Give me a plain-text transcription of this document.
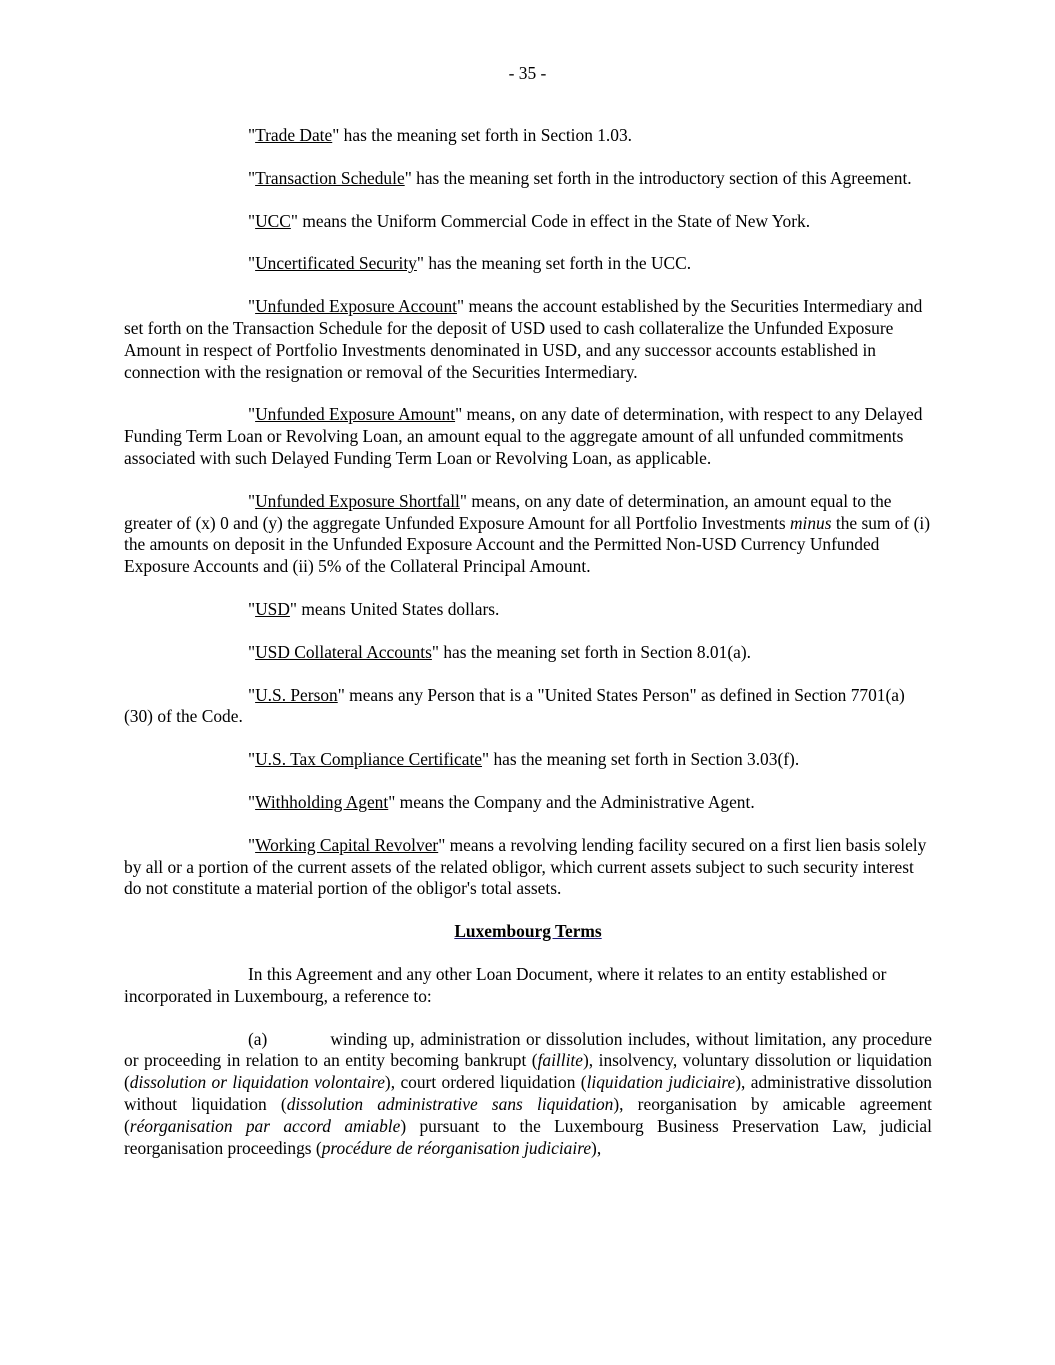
- 35 -

"Trade Date" has the meaning set forth in Section 1.03.

"Transaction Schedule" has the meaning set forth in the introductory section of this Agreement.

"UCC" means the Uniform Commercial Code in effect in the State of New York.

"Uncertificated Security" has the meaning set forth in the UCC.

"Unfunded Exposure Account" means the account established by the Securities Intermediary and set forth on the Transaction Schedule for the deposit of USD used to cash collateralize the Unfunded Exposure Amount in respect of Portfolio Investments denominated in USD, and any successor accounts established in connection with the resignation or removal of the Securities Intermediary.

"Unfunded Exposure Amount" means, on any date of determination, with respect to any Delayed Funding Term Loan or Revolving Loan, an amount equal to the aggregate amount of all unfunded commitments associated with such Delayed Funding Term Loan or Revolving Loan, as applicable.

"Unfunded Exposure Shortfall" means, on any date of determination, an amount equal to the greater of (x) 0 and (y) the aggregate Unfunded Exposure Amount for all Portfolio Investments minus the sum of (i) the amounts on deposit in the Unfunded Exposure Account and the Permitted Non-USD Currency Unfunded Exposure Accounts and (ii) 5% of the Collateral Principal Amount.

"USD" means United States dollars.

"USD Collateral Accounts" has the meaning set forth in Section 8.01(a).

"U.S. Person" means any Person that is a "United States Person" as defined in Section 7701(a)(30) of the Code.

"U.S. Tax Compliance Certificate" has the meaning set forth in Section 3.03(f).

"Withholding Agent" means the Company and the Administrative Agent.

"Working Capital Revolver" means a revolving lending facility secured on a first lien basis solely by all or a portion of the current assets of the related obligor, which current assets subject to such security interest do not constitute a material portion of the obligor's total assets.

Luxembourg Terms

In this Agreement and any other Loan Document, where it relates to an entity established or incorporated in Luxembourg, a reference to:

(a)	winding up, administration or dissolution includes, without limitation, any procedure or proceeding in relation to an entity becoming bankrupt (faillite), insolvency, voluntary dissolution or liquidation (dissolution or liquidation volontaire), court ordered liquidation (liquidation judiciaire), administrative dissolution without liquidation (dissolution administrative sans liquidation), reorganisation by amicable agreement (réorganisation par accord amiable) pursuant to the Luxembourg Business Preservation Law, judicial reorganisation proceedings (procédure de réorganisation judiciaire),
